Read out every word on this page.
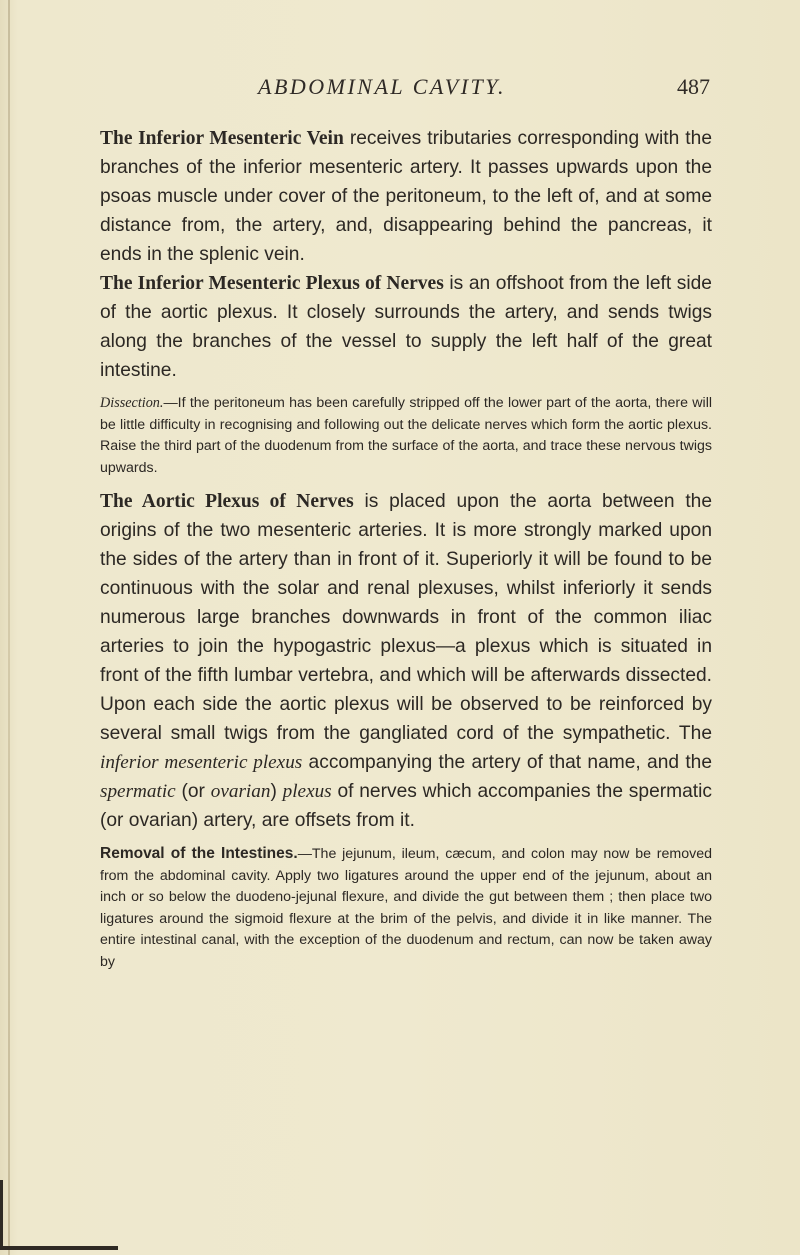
ABDOMINAL CAVITY.	487

The Inferior Mesenteric Vein receives tributaries corresponding with the branches of the inferior mesenteric artery. It passes upwards upon the psoas muscle under cover of the peritoneum, to the left of, and at some distance from, the artery, and, disappearing behind the pancreas, it ends in the splenic vein.

The Inferior Mesenteric Plexus of Nerves is an offshoot from the left side of the aortic plexus. It closely surrounds the artery, and sends twigs along the branches of the vessel to supply the left half of the great intestine.

Dissection.—If the peritoneum has been carefully stripped off the lower part of the aorta, there will be little difficulty in recognising and following out the delicate nerves which form the aortic plexus. Raise the third part of the duodenum from the surface of the aorta, and trace these nervous twigs upwards.

The Aortic Plexus of Nerves is placed upon the aorta between the origins of the two mesenteric arteries. It is more strongly marked upon the sides of the artery than in front of it. Superiorly it will be found to be continuous with the solar and renal plexuses, whilst inferiorly it sends numerous large branches downwards in front of the common iliac arteries to join the hypogastric plexus—a plexus which is situated in front of the fifth lumbar vertebra, and which will be afterwards dissected. Upon each side the aortic plexus will be observed to be reinforced by several small twigs from the gangliated cord of the sympathetic. The inferior mesenteric plexus accompanying the artery of that name, and the spermatic (or ovarian) plexus of nerves which accompanies the spermatic (or ovarian) artery, are offsets from it.

Removal of the Intestines.—The jejunum, ileum, cæcum, and colon may now be removed from the abdominal cavity. Apply two ligatures around the upper end of the jejunum, about an inch or so below the duodeno-jejunal flexure, and divide the gut between them ; then place two ligatures around the sigmoid flexure at the brim of the pelvis, and divide it in like manner. The entire intestinal canal, with the exception of the duodenum and rectum, can now be taken away by
